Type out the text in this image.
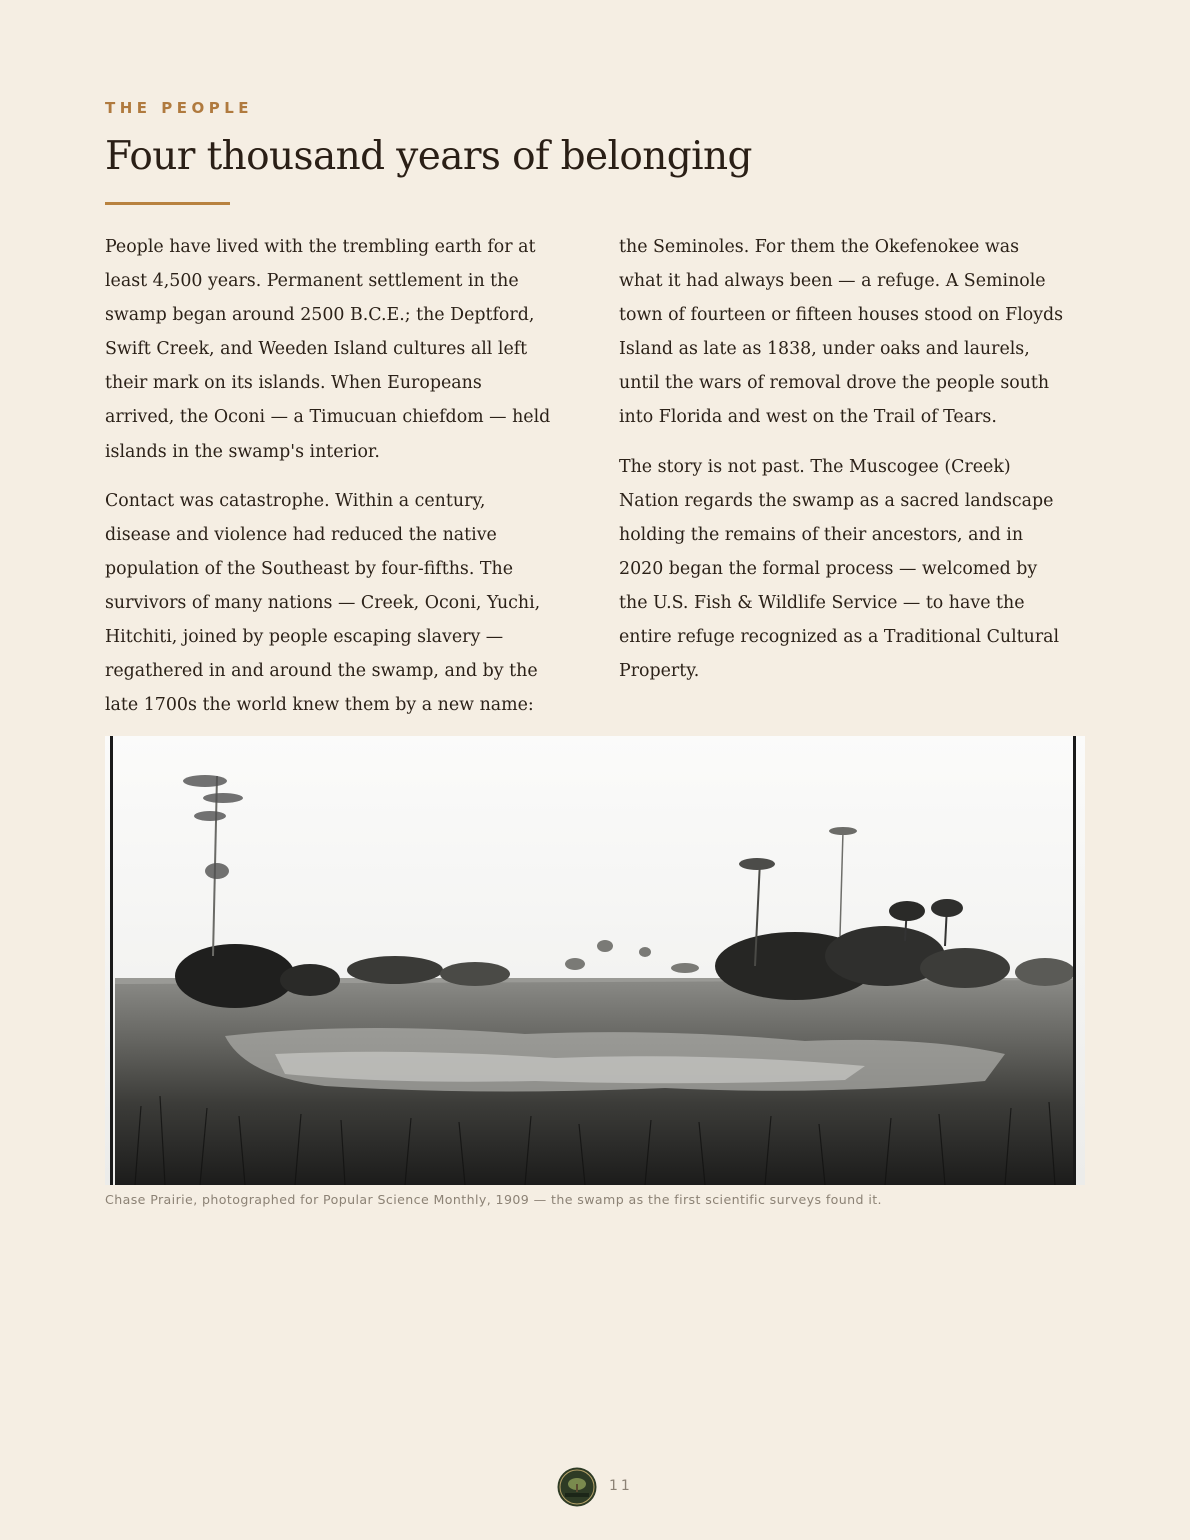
THE PEOPLE
Four thousand years of belonging

People have lived with the trembling earth for at
least 4,500 years. Permanent settlement in the
swamp began around 2500 B.C.E.; the Deptford,
Swift Creek, and Weeden Island cultures all left
their mark on its islands. When Europeans
arrived, the Oconi — a Timucuan chiefdom — held
islands in the swamp's interior.

Contact was catastrophe. Within a century,
disease and violence had reduced the native
population of the Southeast by four-fifths. The
survivors of many nations — Creek, Oconi, Yuchi,
Hitchiti, joined by people escaping slavery —
regathered in and around the swamp, and by the
late 1700s the world knew them by a new name:

the Seminoles. For them the Okefenokee was
what it had always been — a refuge. A Seminole
town of fourteen or fifteen houses stood on Floyds
Island as late as 1838, under oaks and laurels,
until the wars of removal drove the people south
into Florida and west on the Trail of Tears.

The story is not past. The Muscogee (Creek)
Nation regards the swamp as a sacred landscape
holding the remains of their ancestors, and in
2020 began the formal process — welcomed by
the U.S. Fish & Wildlife Service — to have the
entire refuge recognized as a Traditional Cultural
Property.

Chase Prairie, photographed for Popular Science Monthly, 1909 — the swamp as the first scientific surveys found it.
11
